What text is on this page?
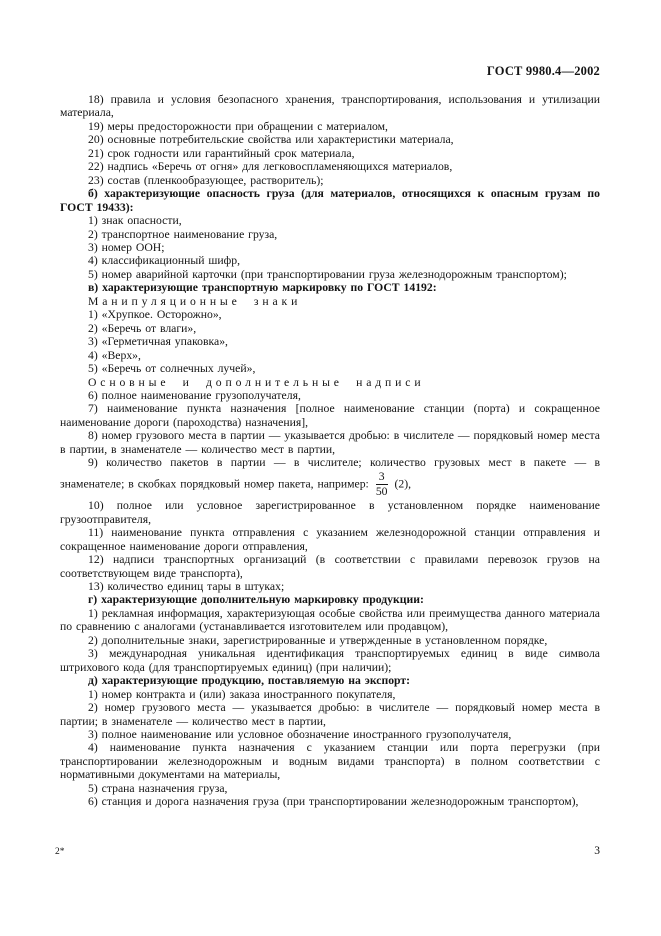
ГОСТ 9980.4—2002

18) правила и условия безопасного хранения, транспортирования, использования и утилизации материала,

19) меры предосторожности при обращении с материалом,

20) основные потребительские свойства или характеристики материала,

21) срок годности или гарантийный срок материала,

22) надпись «Беречь от огня» для легковоспламеняющихся материалов,

23) состав (пленкообразующее, растворитель);

б) характеризующие опасность груза (для материалов, относящихся к опасным грузам по ГОСТ 19433):

1) знак опасности,

2) транспортное наименование груза,

3) номер ООН;

4) классификационный шифр,

5) номер аварийной карточки (при транспортировании груза железнодорожным транспортом);

в) характеризующие транспортную маркировку по ГОСТ 14192:

Манипуляционные знаки

1) «Хрупкое. Осторожно»,

2) «Беречь от влаги»,

3) «Герметичная упаковка»,

4) «Верх»,

5) «Беречь от солнечных лучей»,

Основные и дополнительные надписи

6) полное наименование грузополучателя,

7) наименование пункта назначения [полное наименование станции (порта) и сокращенное наименование дороги (пароходства) назначения],

8) номер грузового места в партии — указывается дробью: в числителе — порядковый номер места в партии, в знаменателе — количество мест в партии,

9) количество пакетов в партии — в числителе; количество грузовых мест в пакете — в знаменателе; в скобках порядковый номер пакета, например: $\frac{3}{50} (2)$,

10) полное или условное зарегистрированное в установленном порядке наименование грузоотправителя,

11) наименование пункта отправления с указанием железнодорожной станции отправления и сокращенное наименование дороги отправления,

12) надписи транспортных организаций (в соответствии с правилами перевозок грузов на соответствующем виде транспорта),

13) количество единиц тары в штуках;

г) характеризующие дополнительную маркировку продукции:

1) рекламная информация, характеризующая особые свойства или преимущества данного материала по сравнению с аналогами (устанавливается изготовителем или продавцом),

2) дополнительные знаки, зарегистрированные и утвержденные в установленном порядке,

3) международная уникальная идентификация транспортируемых единиц в виде символа штрихового кода (для транспортируемых единиц) (при наличии);

д) характеризующие продукцию, поставляемую на экспорт:

1) номер контракта и (или) заказа иностранного покупателя,

2) номер грузового места — указывается дробью: в числителе — порядковый номер места в партии; в знаменателе — количество мест в партии,

3) полное наименование или условное обозначение иностранного грузополучателя,

4) наименование пункта назначения с указанием станции или порта перегрузки (при транспортировании железнодорожным и водным видами транспорта) в полном соответствии с нормативными документами на материалы,

5) страна назначения груза,

6) станция и дорога назначения груза (при транспортировании железнодорожным транспортом),

2*	3
